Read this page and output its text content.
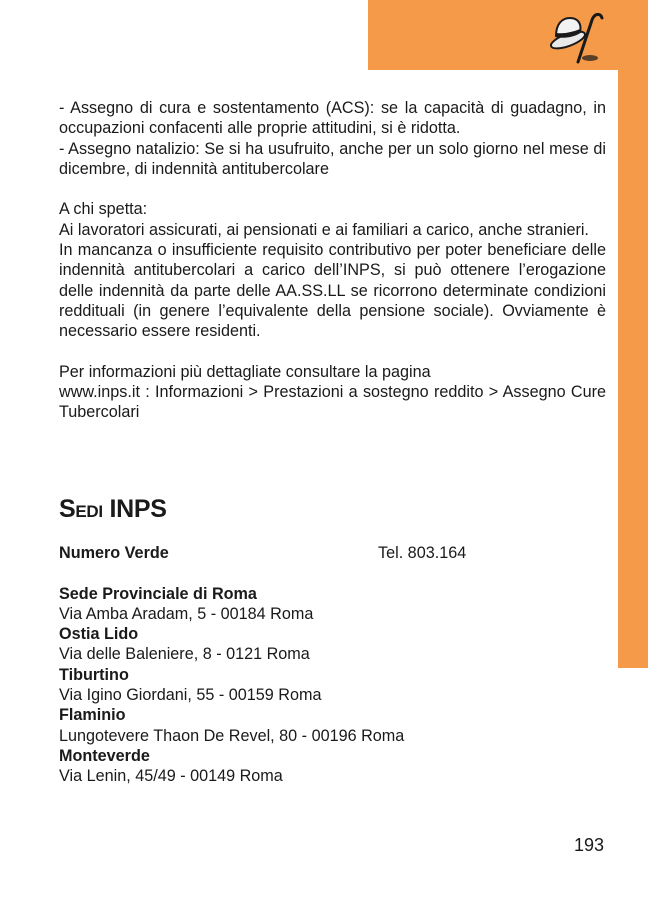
- Assegno di cura e sostentamento (ACS): se la capacità di guadagno, in occupazioni confacenti alle proprie attitudini, si è ridotta.

- Assegno natalizio: Se si ha usufruito, anche per un solo giorno nel mese di dicembre, di indennità antitubercolare

A chi spetta:

Ai lavoratori assicurati, ai pensionati e ai familiari a carico, anche stranieri.

In mancanza o insufficiente requisito contributivo per poter beneficiare delle indennità antitubercolari a carico dell’INPS, si può ottenere l’erogazione delle indennità da parte delle AA.SS.LL se ricorrono determinate condizioni reddituali (in genere l’equivalente della pensione sociale). Ovviamente è necessario essere residenti.

Per informazioni più dettagliate consultare la pagina

www.inps.it : Informazioni > Prestazioni a sostegno reddito > Assegno Cure Tubercolari

SEDI INPS
Numero Verde	Tel. 803.164

Sede Provinciale di Roma

Via Amba Aradam, 5 - 00184 Roma

Ostia Lido

Via delle Baleniere, 8 - 0121 Roma

Tiburtino

Via Igino Giordani, 55 - 00159 Roma

Flaminio

Lungotevere Thaon De Revel, 80 - 00196 Roma

Monteverde

Via Lenin, 45/49 - 00149 Roma

193
